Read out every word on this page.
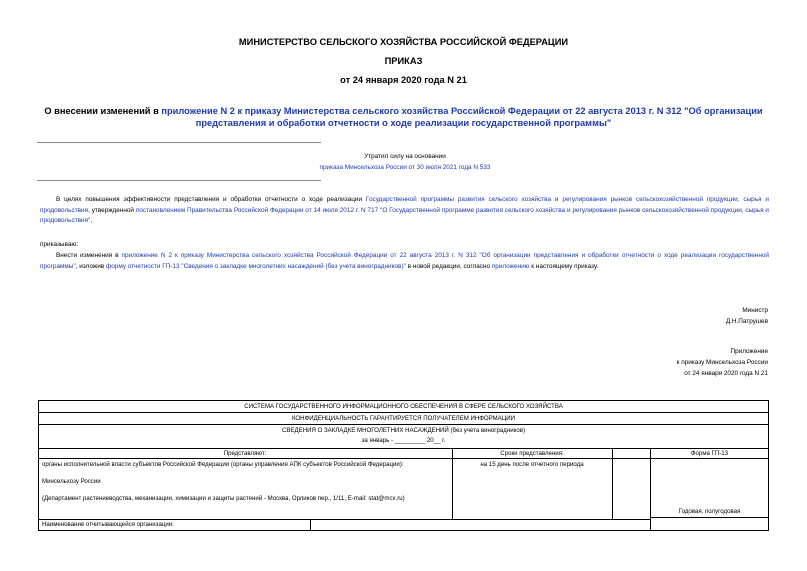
МИНИСТЕРСТВО СЕЛЬСКОГО ХОЗЯЙСТВА РОССИЙСКОЙ ФЕДЕРАЦИИ
ПРИКАЗ
от 24 января 2020 года N 21
О внесении изменений в приложение N 2 к приказу Министерства сельского хозяйства Российской Федерации от 22 августа 2013 г. N 312 "Об организации представления и обработки отчетности о ходе реализации государственной программы"
Утратил силу на основании
приказа Минсельхоза России от 30 июля 2021 года N 533
В целях повышения эффективности представления и обработки отчетности о ходе реализации Государственной программы развития сельского хозяйства и регулирования рынков сельскохозяйственной продукции, сырья и продовольствия, утвержденной постановлением Правительства Российской Федерации от 14 июля 2012 г. N 717 "О Государственной программе развития сельского хозяйства и регулирования рынков сельскохозяйственной продукции, сырья и продовольствия",
приказываю:
Внести изменения в приложение N 2 к приказу Министерства сельского хозяйства Российской Федерации от 22 августа 2013 г. N 312 "Об организации представления и обработки отчетности о ходе реализации государственной программы", изложив форму отчетности ГП-13 "Сведения о закладке многолетних насаждений (без учета виноградников)" в новой редакции, согласно приложению к настоящему приказу.
Министр
Д.Н.Патрушев
Приложение
к приказу Минсельхоза России
от 24 января 2020 года N 21
СИСТЕМА ГОСУДАРСТВЕННОГО ИНФОРМАЦИОННОГО ОБЕСПЕЧЕНИЯ В СФЕРЕ СЕЛЬСКОГО ХОЗЯЙСТВА
КОНФИДЕНЦИАЛЬНОСТЬ ГАРАНТИРУЕТСЯ ПОЛУЧАТЕЛЕМ ИНФОРМАЦИИ
СВЕДЕНИЯ О ЗАКЛАДКЕ МНОГОЛЕТНИХ НАСАЖДЕНИЙ (без учета виноградников)
за январь - _________ 20__ г.
Представляют:	Сроки представления:	Форма ГП-13
органы исполнительной власти субъектов Российской Федерации (органы управления АПК субъектов Российской Федерации):
Минсельхозу России
(Департамент растениеводства, механизации, химизации и защиты растений - Москва, Орликов пер., 1/11, E-mail: stat@mcx.ru)
на 15 день после отчетного периода
Годовая, полугодовая
Наименование отчитывающейся организации:
